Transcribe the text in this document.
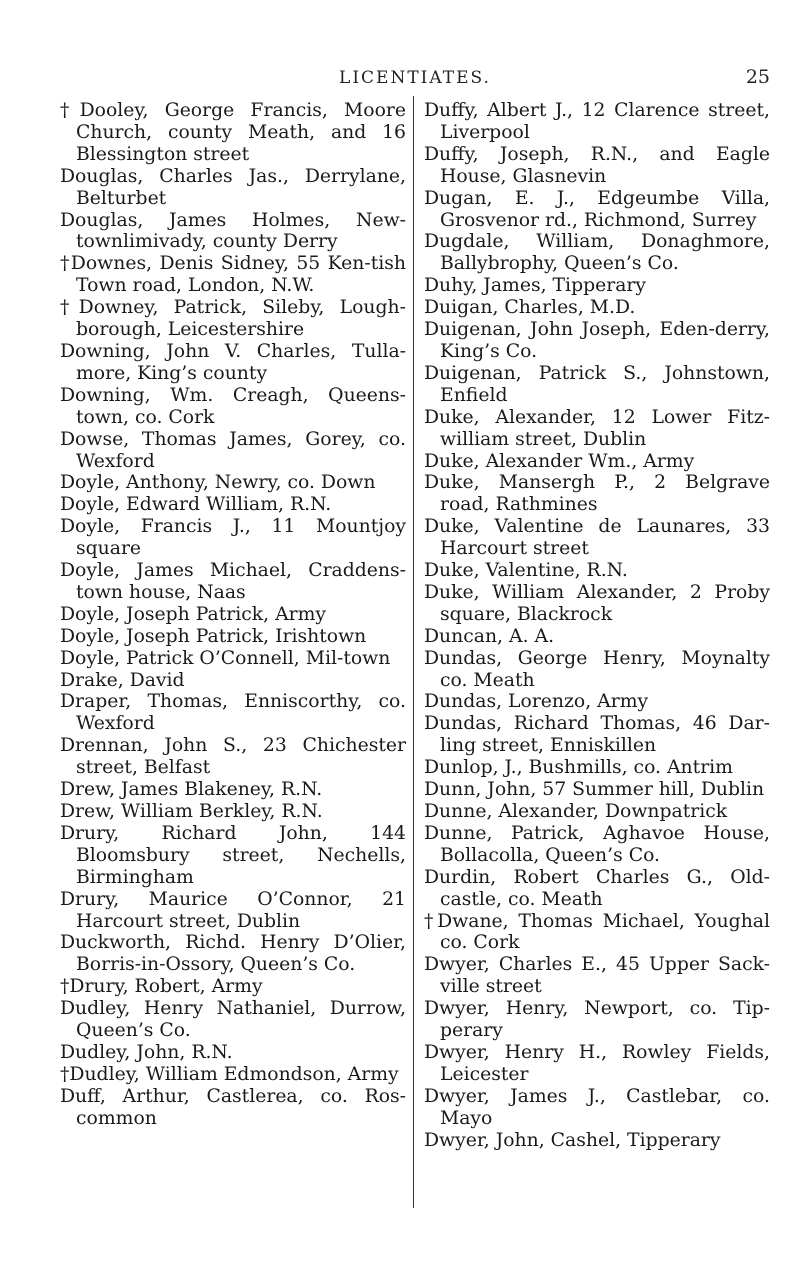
LICENTIATES.	25

†Dooley, George Francis, Moore Church, county Meath, and 16 Blessington street

Douglas, Charles Jas., Derrylane, Belturbet

Douglas, James Holmes, New-townlimivady, county Derry

†Downes, Denis Sidney, 55 Ken-tish Town road, London, N.W.

†Downey, Patrick, Sileby, Lough-borough, Leicestershire

Downing, John V. Charles, Tulla-more, King’s county

Downing, Wm. Creagh, Queens-town, co. Cork

Dowse, Thomas James, Gorey, co. Wexford

Doyle, Anthony, Newry, co. Down

Doyle, Edward William, R.N.

Doyle, Francis J., 11 Mountjoy square

Doyle, James Michael, Craddens-town house, Naas

Doyle, Joseph Patrick, Army

Doyle, Joseph Patrick, Irishtown

Doyle, Patrick O’Connell, Mil-town

Drake, David

Draper, Thomas, Enniscorthy, co. Wexford

Drennan, John S., 23 Chichester street, Belfast

Drew, James Blakeney, R.N.

Drew, William Berkley, R.N.

Drury, Richard John, 144 Bloomsbury street, Nechells, Birmingham

Drury, Maurice O’Connor, 21 Harcourt street, Dublin

Duckworth, Richd. Henry D’Olier, Borris-in-Ossory, Queen’s Co.

†Drury, Robert, Army

Dudley, Henry Nathaniel, Durrow, Queen’s Co.

Dudley, John, R.N.

†Dudley, William Edmondson, Army

Duff, Arthur, Castlerea, co. Ros-common

Duffy, Albert J., 12 Clarence street, Liverpool

Duffy, Joseph, R.N., and Eagle House, Glasnevin

Dugan, E. J., Edgeumbe Villa, Grosvenor rd., Richmond, Surrey

Dugdale, William, Donaghmore, Ballybrophy, Queen’s Co.

Duhy, James, Tipperary

Duigan, Charles, M.D.

Duigenan, John Joseph, Eden-derry, King’s Co.

Duigenan, Patrick S., Johnstown, Enfield

Duke, Alexander, 12 Lower Fitz-william street, Dublin

Duke, Alexander Wm., Army

Duke, Mansergh P., 2 Belgrave road, Rathmines

Duke, Valentine de Launares, 33 Harcourt street

Duke, Valentine, R.N.

Duke, William Alexander, 2 Proby square, Blackrock

Duncan, A. A.

Dundas, George Henry, Moynalty co. Meath

Dundas, Lorenzo, Army

Dundas, Richard Thomas, 46 Dar-ling street, Enniskillen

Dunlop, J., Bushmills, co. Antrim

Dunn, John, 57 Summer hill, Dublin

Dunne, Alexander, Downpatrick

Dunne, Patrick, Aghavoe House, Bollacolla, Queen’s Co.

Durdin, Robert Charles G., Old-castle, co. Meath

†Dwane, Thomas Michael, Youghal co. Cork

Dwyer, Charles E., 45 Upper Sack-ville street

Dwyer, Henry, Newport, co. Tip-perary

Dwyer, Henry H., Rowley Fields, Leicester

Dwyer, James J., Castlebar, co. Mayo

Dwyer, John, Cashel, Tipperary
